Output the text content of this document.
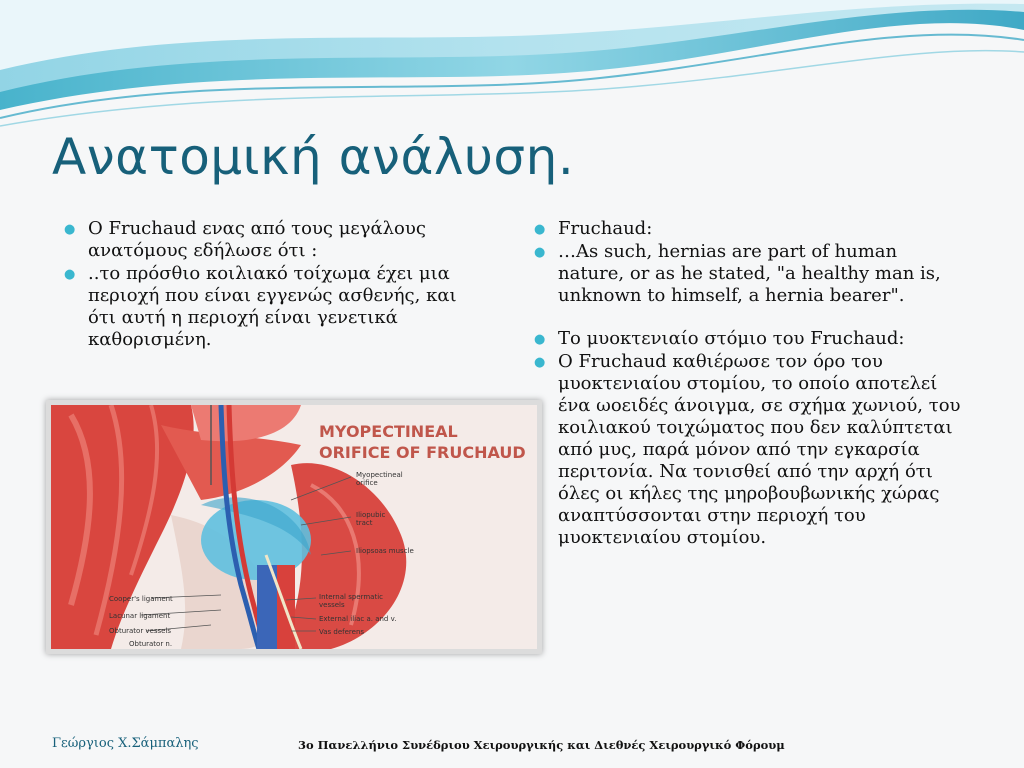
Ανατομική ανάλυση.
● Ο Fruchaud ενας από τους μεγάλους ανατόμους εδήλωσε ότι :
● ..το πρόσθιο κοιλιακό τοίχωμα έχει μια περιοχή που είναι εγγενώς ασθενής, και ότι αυτή η περιοχή είναι γενετικά καθορισμένη.
● Fruchaud:
● …As such, hernias are part of human nature, or as he stated, "a healthy man is, unknown to himself, a hernia bearer".
● Το μυοκτενιαίο στόμιο του Fruchaud:
● Ο Fruchaud καθιέρωσε τον όρο του μυοκτενιαίου στομίου, το οποίο αποτελεί ένα ωοειδές άνοιγμα, σε σχήμα χωνιού, του κοιλιακού τοιχώματος που δεν καλύπτεται από μυς, παρά μόνον από την εγκαρσία περιτονία. Να τονισθεί από την αρχή ότι όλες οι κήλες της μηροβουβωνικής χώρας αναπτύσσονται στην περιοχή του μυοκτενιαίου στομίου.
MYOPECTINEAL
ORIFICE OF FRUCHAUD
Myopectineal
orifice
Iliopubic
tract
Iliopsoas muscle
Internal spermatic
vessels
External iliac a. and v.
Vas deferens
Cooper's ligament
Lacunar ligament
Obturator vessels
Obturator n.
Γεώργιος Χ.Σάμπαλης	3ο Πανελλήνιο Συνέδριου Χειρουργικής και Διεθνές Χειρουργικό Φόρουμ
